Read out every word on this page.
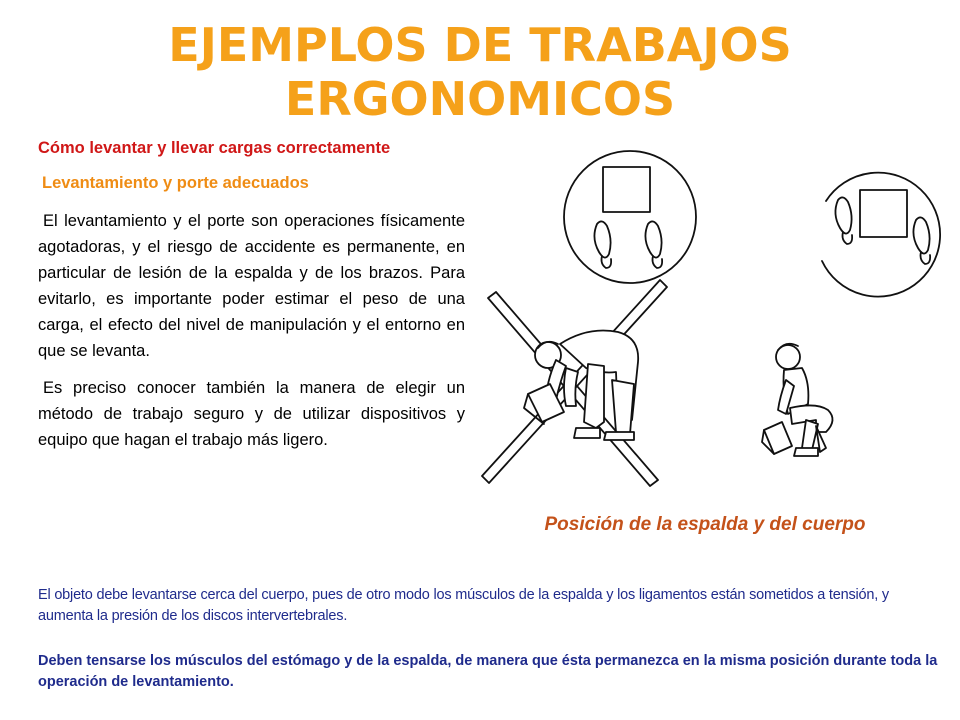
EJEMPLOS DE TRABAJOS
ERGONOMICOS

Cómo levantar y llevar cargas correctamente

Levantamiento y porte adecuados

El levantamiento y el porte son operaciones físicamente agotadoras, y el riesgo de accidente es permanente, en particular de lesión de la espalda y de los brazos. Para evitarlo, es importante poder estimar el peso de una carga, el efecto del nivel de manipulación y el entorno en que se levanta.

Es preciso conocer también la manera de elegir un método de trabajo seguro y de utilizar dispositivos y equipo que hagan el trabajo más ligero.

Posición de la espalda y del cuerpo

El objeto debe levantarse cerca del cuerpo, pues de otro modo los músculos de la espalda y los ligamentos están sometidos a tensión, y aumenta la presión de los discos intervertebrales.

Deben tensarse los músculos del estómago y de la espalda, de manera que ésta permanezca en la misma posición durante toda la operación de levantamiento.
